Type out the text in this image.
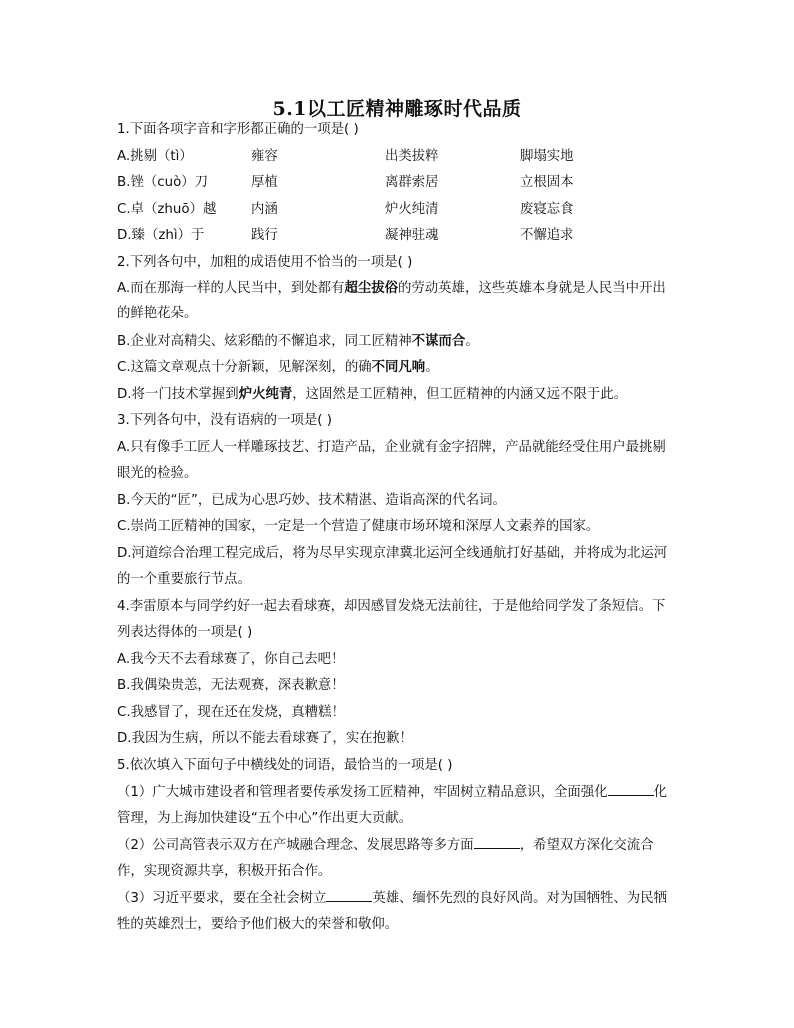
5.1以工匠精神雕琢时代品质
1.下面各项字音和字形都正确的一项是( )
A.挑剔（tì）	雍容	出类拔粹	脚塌实地
B.锉（cuò）刀	厚植	离群索居	立根固本
C.卓（zhuō）越	内涵	炉火纯清	废寝忘食
D.臻（zhì）于	践行	凝神驻魂	不懈追求
2.下列各句中，加粗的成语使用不恰当的一项是( )
A.而在那海一样的人民当中，到处都有超尘拔俗的劳动英雄，这些英雄本身就是人民当中开出
的鲜艳花朵。
B.企业对高精尖、炫彩酷的不懈追求，同工匠精神不谋而合。
C.这篇文章观点十分新颖，见解深刻，的确不同凡响。
D.将一门技术掌握到炉火纯青，这固然是工匠精神，但工匠精神的内涵又远不限于此。
3.下列各句中，没有语病的一项是( )
A.只有像手工匠人一样雕琢技艺、打造产品，企业就有金字招牌，产品就能经受住用户最挑剔
眼光的检验。
B.今天的“匠”，已成为心思巧妙、技术精湛、造诣高深的代名词。
C.崇尚工匠精神的国家，一定是一个营造了健康市场环境和深厚人文素养的国家。
D.河道综合治理工程完成后，将为尽早实现京津冀北运河全线通航打好基础，并将成为北运河
的一个重要旅行节点。
4.李雷原本与同学约好一起去看球赛，却因感冒发烧无法前往，于是他给同学发了条短信。下
列表达得体的一项是( )
A.我今天不去看球赛了，你自己去吧！
B.我偶染贵恙，无法观赛，深表歉意！
C.我感冒了，现在还在发烧，真糟糕！
D.我因为生病，所以不能去看球赛了，实在抱歉！
5.依次填入下面句子中横线处的词语，最恰当的一项是( )
（1）广大城市建设者和管理者要传承发扬工匠精神，牢固树立精品意识，全面强化	化
管理，为上海加快建设“五个中心”作出更大贡献。
（2）公司高管表示双方在产城融合理念、发展思路等多方面	，希望双方深化交流合
作，实现资源共享，积极开拓合作。
（3）习近平要求，要在全社会树立	英雄、缅怀先烈的良好风尚。对为国牺牲、为民牺
牲的英雄烈士，要给予他们极大的荣誉和敬仰。
